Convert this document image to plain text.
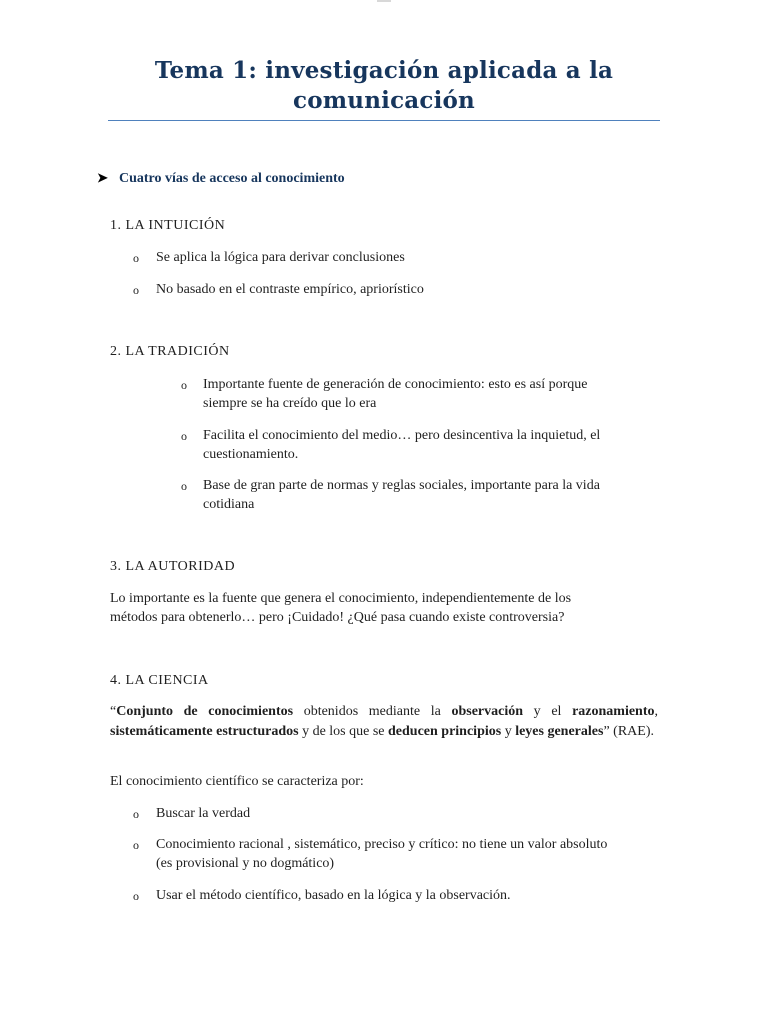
Tema 1: investigación aplicada a la
comunicación
➤ Cuatro vías de acceso al conocimiento
1. LA INTUICIÓN
o Se aplica la lógica para derivar conclusiones
o No basado en el contraste empírico, apriorístico
2. LA TRADICIÓN
o Importante fuente de generación de conocimiento: esto es así porque
siempre se ha creído que lo era
o Facilita el conocimiento del medio… pero desincentiva la inquietud, el
cuestionamiento.
o Base de gran parte de normas y reglas sociales, importante para la vida
cotidiana
3. LA AUTORIDAD
Lo importante es la fuente que genera el conocimiento, independientemente de los
métodos para obtenerlo… pero ¡Cuidado! ¿Qué pasa cuando existe controversia?
4. LA CIENCIA
“Conjunto de conocimientos obtenidos mediante la observación y el razonamiento, sistemáticamente estructurados y de los que se deducen principios y leyes generales” (RAE).
El conocimiento científico se caracteriza por:
o Buscar la verdad
o Conocimiento racional , sistemático, preciso y crítico: no tiene un valor absoluto
(es provisional y no dogmático)
o Usar el método científico, basado en la lógica y la observación.
